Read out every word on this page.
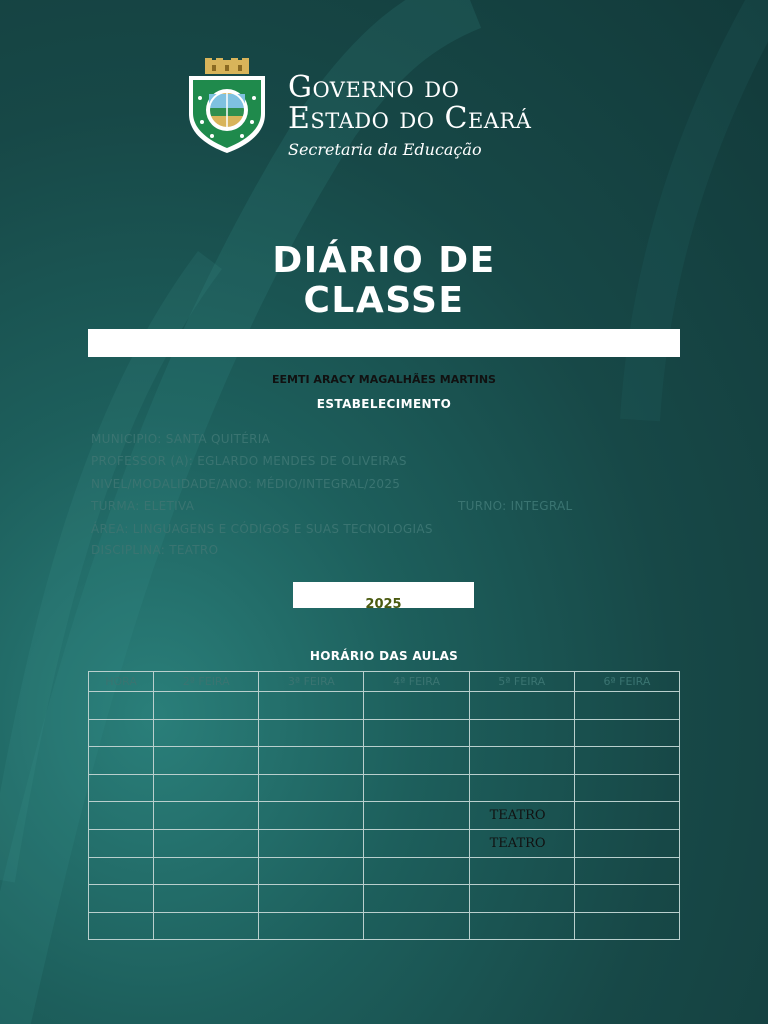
Governo do
Estado do Ceará
Secretaria da Educação
DIÁRIO DE
CLASSE
EEMTI ARACY MAGALHÃES MARTINS
ESTABELECIMENTO
MUNICIPIO: SANTA QUITÉRIA
PROFESSOR (A): EGLARDO MENDES DE OLIVEIRAS
NIVEL/MODALIDADE/ANO: MÉDIO/INTEGRAL/2025
TURMA: ELETIVA	TURNO: INTEGRAL
ÁREA: LINGUAGENS E CÓDIGOS E SUAS TECNOLOGIAS
DISCIPLINA: TEATRO
2025
HORÁRIO DAS AULAS
HORA	2ª FEIRA	3ª FEIRA	4ª FEIRA	5ª FEIRA	6ª FEIRA

				TEATRO	
				TEATRO	
